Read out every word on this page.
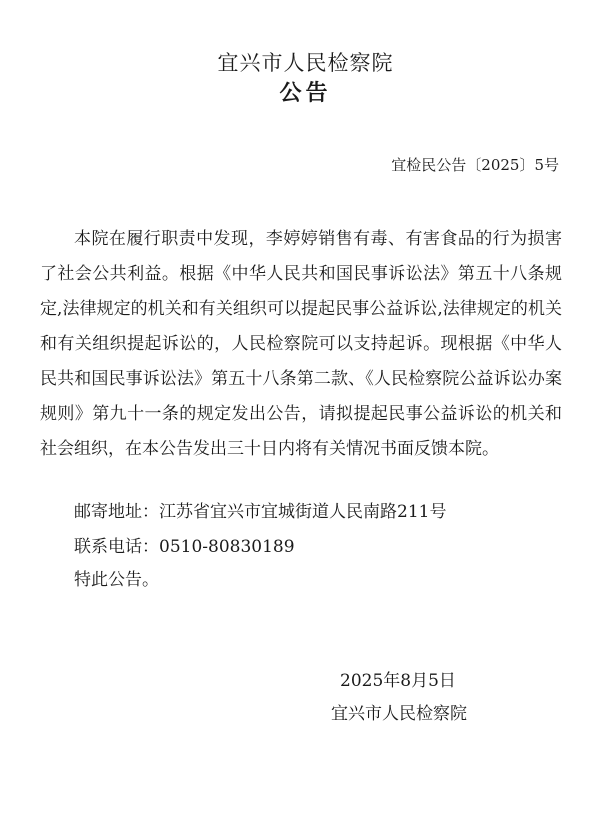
宜兴市人民检察院
公告
宜检民公告〔2025〕5号

本院在履行职责中发现，李婷婷销售有毒、有害食品的行为损害了社会公共利益。根据《中华人民共和国民事诉讼法》第五十八条规定,法律规定的机关和有关组织可以提起民事公益诉讼,法律规定的机关和有关组织提起诉讼的，人民检察院可以支持起诉。现根据《中华人民共和国民事诉讼法》第五十八条第二款、《人民检察院公益诉讼办案规则》第九十一条的规定发出公告，请拟提起民事公益诉讼的机关和社会组织，在本公告发出三十日内将有关情况书面反馈本院。

邮寄地址：江苏省宜兴市宜城街道人民南路211号
联系电话：0510-80830189
特此公告。
2025年8月5日
宜兴市人民检察院
